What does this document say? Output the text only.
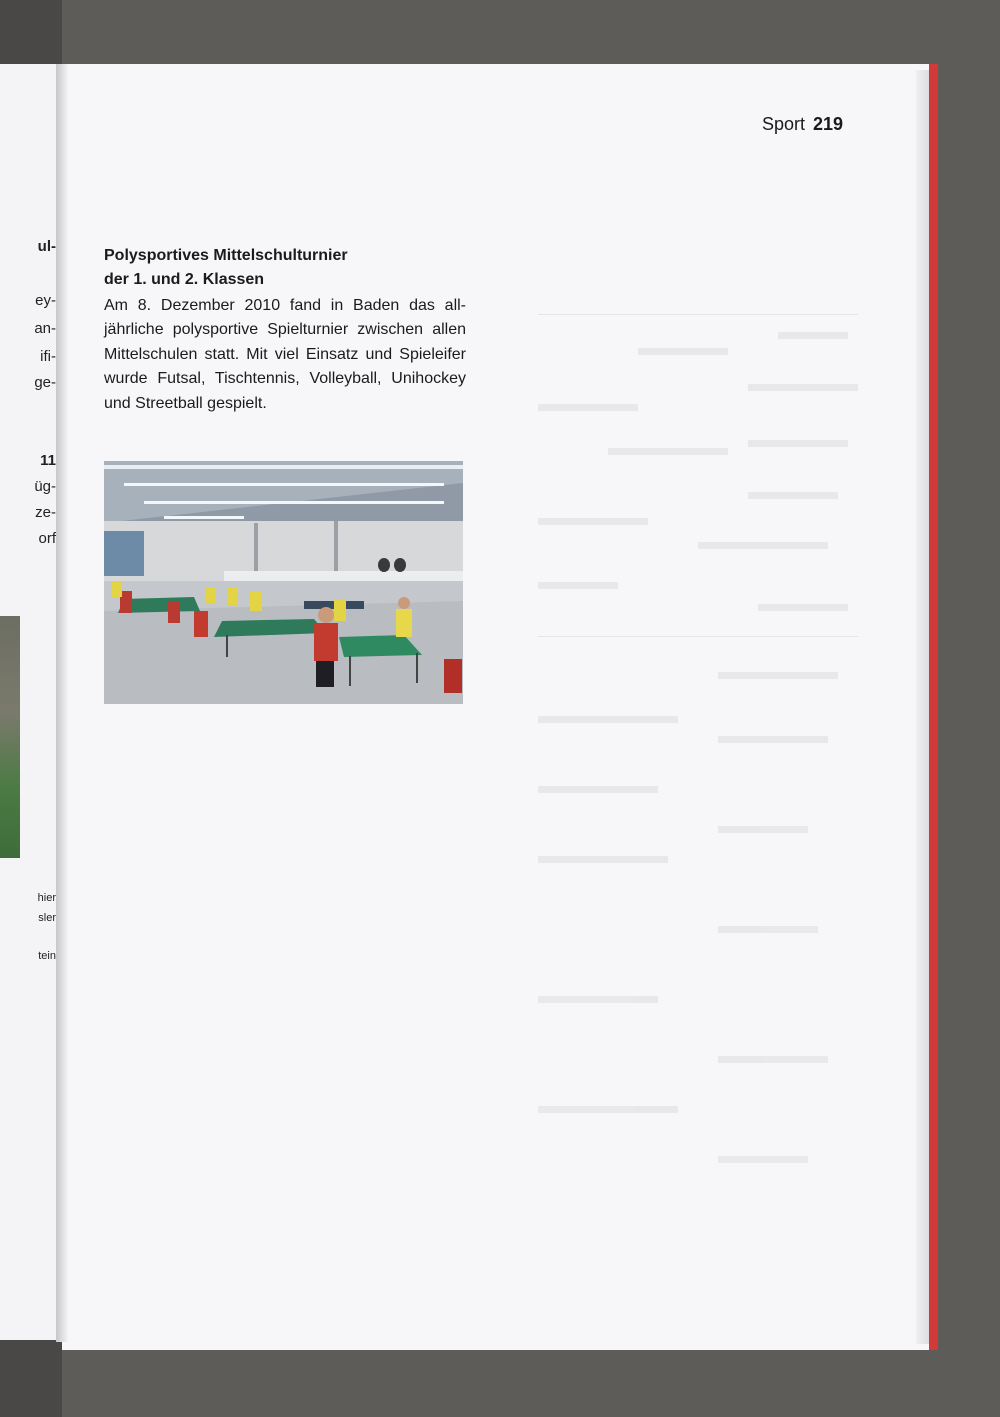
ul-
ey-
an-
ifi-
ge-
11
üg-
ze-
orf
hier
sler
tein
Sport 219

Polysportives Mittelschulturnier
der 1. und 2. Klassen

Am 8. Dezember 2010 fand in Baden das alljährliche polysportive Spielturnier zwischen allen Mittelschulen statt. Mit viel Einsatz und Spieleifer wurde Futsal, Tischtennis, Volleyball, Unihockey und Streetball gespielt.
